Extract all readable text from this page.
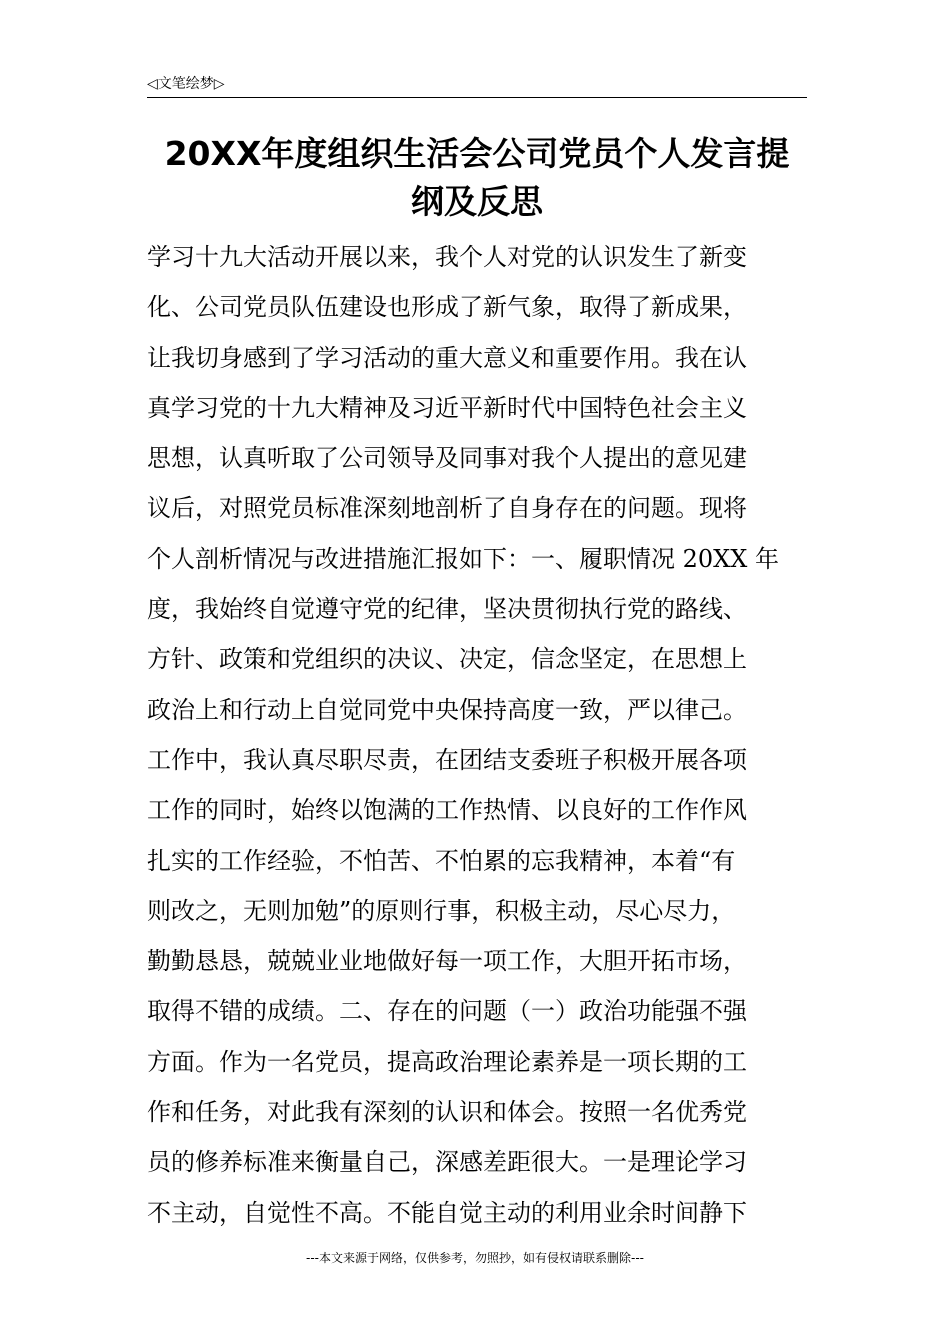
◁文笔绘梦▷
20XX年度组织生活会公司党员个人发言提
纲及反思
学习十九大活动开展以来，我个人对党的认识发生了新变
化、公司党员队伍建设也形成了新气象，取得了新成果，
让我切身感到了学习活动的重大意义和重要作用。我在认
真学习党的十九大精神及习近平新时代中国特色社会主义
思想，认真听取了公司领导及同事对我个人提出的意见建
议后，对照党员标准深刻地剖析了自身存在的问题。现将
个人剖析情况与改进措施汇报如下：一、履职情况 20XX 年
度，我始终自觉遵守党的纪律，坚决贯彻执行党的路线、
方针、政策和党组织的决议、决定，信念坚定，在思想上
政治上和行动上自觉同党中央保持高度一致，严以律己。
工作中，我认真尽职尽责，在团结支委班子积极开展各项
工作的同时，始终以饱满的工作热情、以良好的工作作风
扎实的工作经验，不怕苦、不怕累的忘我精神，本着“有
则改之，无则加勉”的原则行事，积极主动，尽心尽力，
勤勤恳恳，兢兢业业地做好每一项工作，大胆开拓市场，
取得不错的成绩。二、存在的问题（一）政治功能强不强
方面。作为一名党员，提高政治理论素养是一项长期的工
作和任务，对此我有深刻的认识和体会。按照一名优秀党
员的修养标准来衡量自己，深感差距很大。一是理论学习
不主动，自觉性不高。不能自觉主动的利用业余时间静下
---本文来源于网络，仅供参考，勿照抄，如有侵权请联系删除---
